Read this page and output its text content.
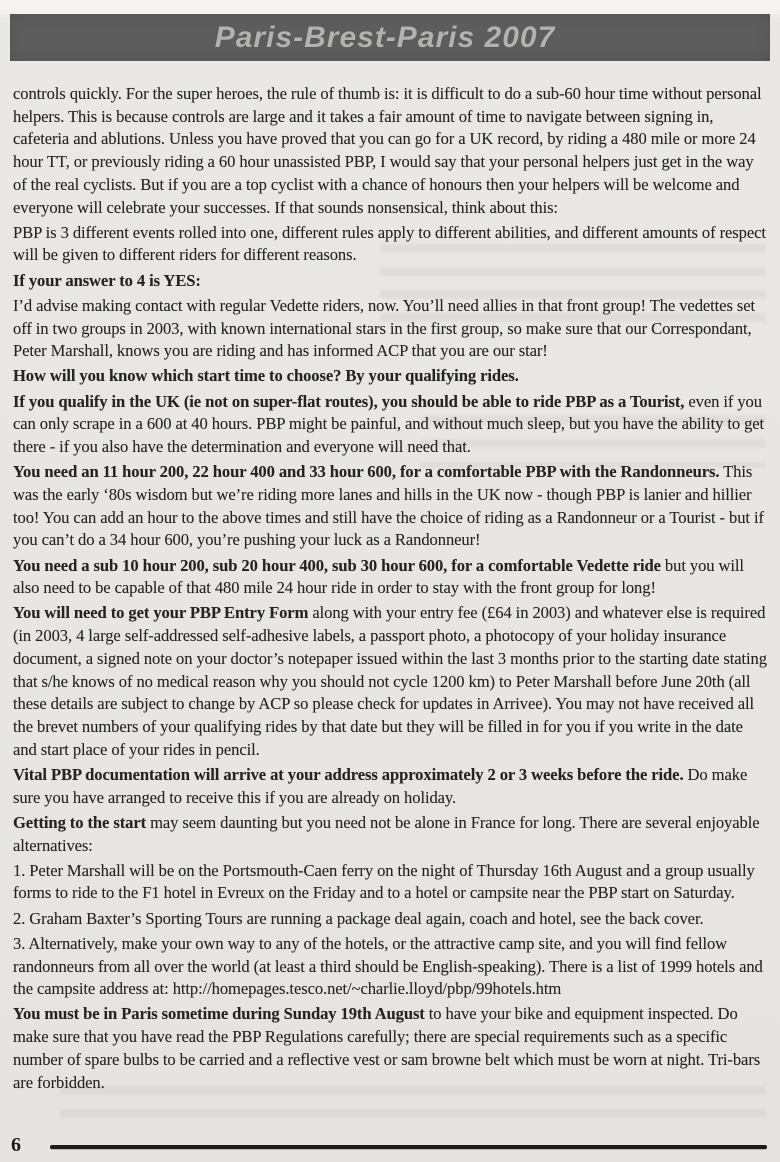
Paris-Brest-Paris 2007

controls quickly. For the super heroes, the rule of thumb is: it is difficult to do a sub-60 hour time without personal helpers. This is because controls are large and it takes a fair amount of time to navigate between signing in, cafeteria and ablutions. Unless you have proved that you can go for a UK record, by riding a 480 mile or more 24 hour TT, or previously riding a 60 hour unassisted PBP, I would say that your personal helpers just get in the way of the real cyclists. But if you are a top cyclist with a chance of honours then your helpers will be welcome and everyone will celebrate your successes. If that sounds nonsensical, think about this:

PBP is 3 different events rolled into one, different rules apply to different abilities, and different amounts of respect will be given to different riders for different reasons.

If your answer to 4 is YES:

I’d advise making contact with regular Vedette riders, now. You’ll need allies in that front group! The vedettes set off in two groups in 2003, with known international stars in the first group, so make sure that our Correspondant, Peter Marshall, knows you are riding and has informed ACP that you are our star!

How will you know which start time to choose? By your qualifying rides.

If you qualify in the UK (ie not on super-flat routes), you should be able to ride PBP as a Tourist, even if you can only scrape in a 600 at 40 hours. PBP might be painful, and without much sleep, but you have the ability to get there - if you also have the determination and everyone will need that.

You need an 11 hour 200, 22 hour 400 and 33 hour 600, for a comfortable PBP with the Randonneurs. This was the early ‘80s wisdom but we’re riding more lanes and hills in the UK now - though PBP is lanier and hillier too! You can add an hour to the above times and still have the choice of riding as a Randonneur or a Tourist - but if you can’t do a 34 hour 600, you’re pushing your luck as a Randonneur!

You need a sub 10 hour 200, sub 20 hour 400, sub 30 hour 600, for a comfortable Vedette ride but you will also need to be capable of that 480 mile 24 hour ride in order to stay with the front group for long!

You will need to get your PBP Entry Form along with your entry fee (£64 in 2003) and whatever else is required (in 2003, 4 large self-addressed self-adhesive labels, a passport photo, a photocopy of your holiday insurance document, a signed note on your doctor’s notepaper issued within the last 3 months prior to the starting date stating that s/he knows of no medical reason why you should not cycle 1200 km) to Peter Marshall before June 20th (all these details are subject to change by ACP so please check for updates in Arrivee). You may not have received all the brevet numbers of your qualifying rides by that date but they will be filled in for you if you write in the date and start place of your rides in pencil.

Vital PBP documentation will arrive at your address approximately 2 or 3 weeks before the ride. Do make sure you have arranged to receive this if you are already on holiday.

Getting to the start may seem daunting but you need not be alone in France for long. There are several enjoyable alternatives:

1. Peter Marshall will be on the Portsmouth-Caen ferry on the night of Thursday 16th August and a group usually forms to ride to the F1 hotel in Evreux on the Friday and to a hotel or campsite near the PBP start on Saturday.

2. Graham Baxter’s Sporting Tours are running a package deal again, coach and hotel, see the back cover.

3. Alternatively, make your own way to any of the hotels, or the attractive camp site, and you will find fellow randonneurs from all over the world (at least a third should be English-speaking). There is a list of 1999 hotels and the campsite address at: http://homepages.tesco.net/~charlie.lloyd/pbp/99hotels.htm

You must be in Paris sometime during Sunday 19th August to have your bike and equipment inspected. Do make sure that you have read the PBP Regulations carefully; there are special requirements such as a specific number of spare bulbs to be carried and a reflective vest or sam browne belt which must be worn at night. Tri-bars are forbidden.

6
